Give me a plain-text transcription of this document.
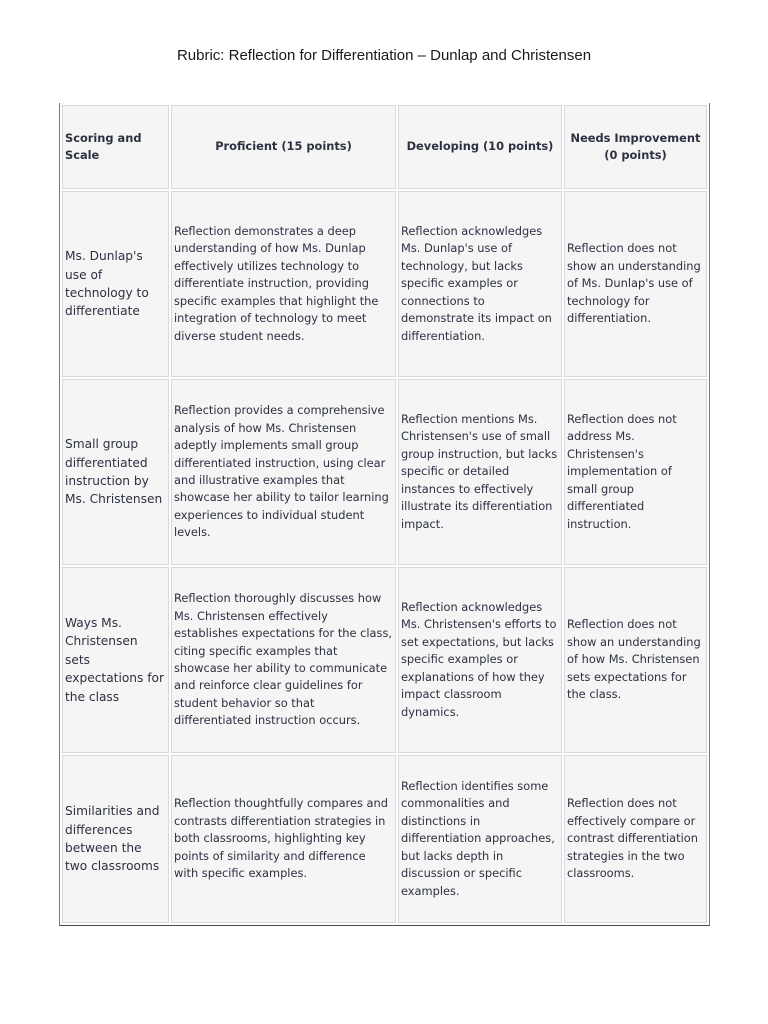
Rubric: Reflection for Differentiation – Dunlap and Christensen
Scoring and Scale	Proficient (15 points)	Developing (10 points)	Needs Improvement (0 points)
Ms. Dunlap's use of technology to differentiate	Reflection demonstrates a deep understanding of how Ms. Dunlap effectively utilizes technology to differentiate instruction, providing specific examples that highlight the integration of technology to meet diverse student needs.	Reflection acknowledges Ms. Dunlap's use of technology, but lacks specific examples or connections to demonstrate its impact on differentiation.	Reflection does not show an understanding of Ms. Dunlap's use of technology for differentiation.
Small group differentiated instruction by Ms. Christensen	Reflection provides a comprehensive analysis of how Ms. Christensen adeptly implements small group differentiated instruction, using clear and illustrative examples that showcase her ability to tailor learning experiences to individual student levels.	Reflection mentions Ms. Christensen's use of small group instruction, but lacks specific or detailed instances to effectively illustrate its differentiation impact.	Reflection does not address Ms. Christensen's implementation of small group differentiated instruction.
Ways Ms. Christensen sets expectations for the class	Reflection thoroughly discusses how Ms. Christensen effectively establishes expectations for the class, citing specific examples that showcase her ability to communicate and reinforce clear guidelines for student behavior so that differentiated instruction occurs.	Reflection acknowledges Ms. Christensen's efforts to set expectations, but lacks specific examples or explanations of how they impact classroom dynamics.	Reflection does not show an understanding of how Ms. Christensen sets expectations for the class.
Similarities and differences between the two classrooms	Reflection thoughtfully compares and contrasts differentiation strategies in both classrooms, highlighting key points of similarity and difference with specific examples.	Reflection identifies some commonalities and distinctions in differentiation approaches, but lacks depth in discussion or specific examples.	Reflection does not effectively compare or contrast differentiation strategies in the two classrooms.
